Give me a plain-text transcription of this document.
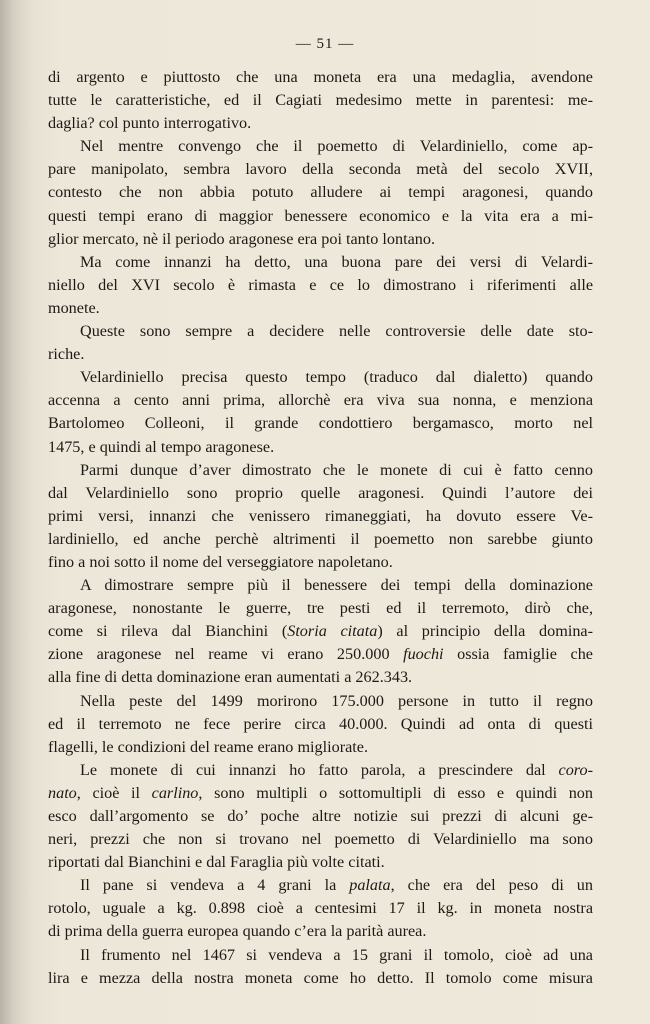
— 51 —
di argento e piuttosto che una moneta era una medaglia, avendone
tutte le caratteristiche, ed il Cagiati medesimo mette in parentesi: me-
daglia? col punto interrogativo.
Nel mentre convengo che il poemetto di Velardiniello, come ap-
pare manipolato, sembra lavoro della seconda metà del secolo XVII,
contesto che non abbia potuto alludere ai tempi aragonesi, quando
questi tempi erano di maggior benessere economico e la vita era a mi-
glior mercato, nè il periodo aragonese era poi tanto lontano.
Ma come innanzi ha detto, una buona pare dei versi di Velardi-
niello del XVI secolo è rimasta e ce lo dimostrano i riferimenti alle
monete.
Queste sono sempre a decidere nelle controversie delle date sto-
riche.
Velardiniello precisa questo tempo (traduco dal dialetto) quando
accenna a cento anni prima, allorchè era viva sua nonna, e menziona
Bartolomeo Colleoni, il grande condottiero bergamasco, morto nel
1475, e quindi al tempo aragonese.
Parmi dunque d’aver dimostrato che le monete di cui è fatto cenno
dal Velardiniello sono proprio quelle aragonesi. Quindi l’autore dei
primi versi, innanzi che venissero rimaneggiati, ha dovuto essere Ve-
lardiniello, ed anche perchè altrimenti il poemetto non sarebbe giunto
fino a noi sotto il nome del verseggiatore napoletano.
A dimostrare sempre più il benessere dei tempi della dominazione
aragonese, nonostante le guerre, tre pesti ed il terremoto, dirò che,
come si rileva dal Bianchini (Storia citata) al principio della domina-
zione aragonese nel reame vi erano 250.000 fuochi ossia famiglie che
alla fine di detta dominazione eran aumentati a 262.343.
Nella peste del 1499 morirono 175.000 persone in tutto il regno
ed il terremoto ne fece perire circa 40.000. Quindi ad onta di questi
flagelli, le condizioni del reame erano migliorate.
Le monete di cui innanzi ho fatto parola, a prescindere dal coro-
nato, cioè il carlino, sono multipli o sottomultipli di esso e quindi non
esco dall’argomento se do’ poche altre notizie sui prezzi di alcuni ge-
neri, prezzi che non si trovano nel poemetto di Velardiniello ma sono
riportati dal Bianchini e dal Faraglia più volte citati.
Il pane si vendeva a 4 grani la palata, che era del peso di un
rotolo, uguale a kg. 0.898 cioè a centesimi 17 il kg. in moneta nostra
di prima della guerra europea quando c’era la parità aurea.
Il frumento nel 1467 si vendeva a 15 grani il tomolo, cioè ad una
lira e mezza della nostra moneta come ho detto. Il tomolo come misura
